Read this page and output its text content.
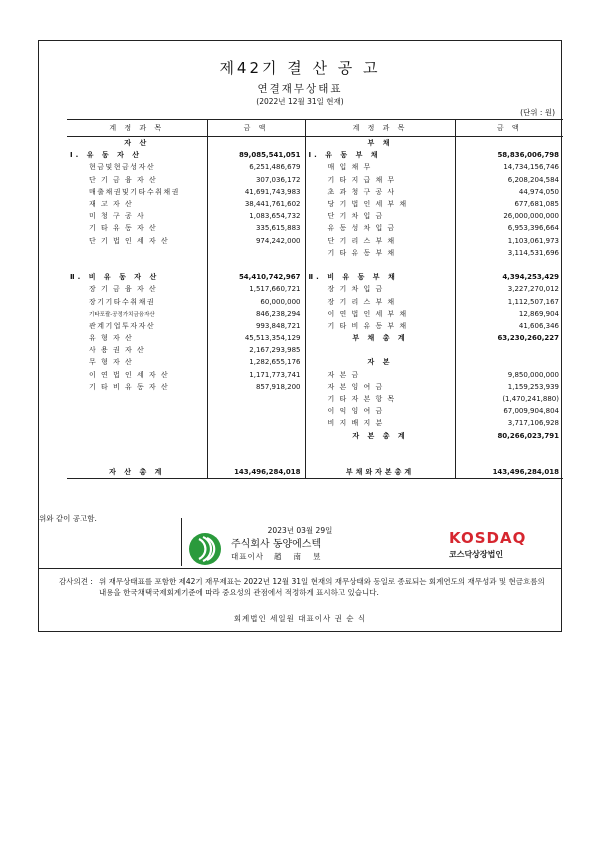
제42기 결 산 공 고
연결재무상태표
(2022년 12월 31일 현재)
(단위 : 원)
계 정 과 목	금 액	계 정 과 목	금 액
자 산		부 채	
Ⅰ. 유 동 자 산	89,085,541,051	Ⅰ. 유 동 부 채	58,836,006,798
현금및현금성자산	6,251,486,679	매 입 채 무	14,734,156,746
단 기 금 융 자 산	307,036,172	기 타 지 급 채 무	6,208,204,584
매출채권및기타수취채권	41,691,743,983	초 과 청 구 공 사	44,974,050
재 고 자 산	38,441,761,602	당 기 법 인 세 부 채	677,681,085
미 청 구 공 사	1,083,654,732	단 기 차 입 금	26,000,000,000
기 타 유 동 자 산	335,615,883	유 동 성 차 입 금	6,953,396,664
단 기 법 인 세 자 산	974,242,000	단 기 리 스 부 채	1,103,061,973
		기 타 유 동 부 채	3,114,531,696

Ⅱ. 비 유 동 자 산	54,410,742,967	Ⅱ. 비 유 동 부 채	4,394,253,429
장 기 금 융 자 산	1,517,660,721	장 기 차 입 금	3,227,270,012
장기기타수취채권	60,000,000	장 기 리 스 부 채	1,112,507,167
기타포괄-공정가치금융자산	846,238,294	이 연 법 인 세 부 채	12,869,904
관계기업투자자산	993,848,721	기 타 비 유 동 부 채	41,606,346
유 형 자 산	45,513,354,129	부 채 총 계	63,230,260,227
사 용 권 자 산	2,167,293,985		
무 형 자 산	1,282,655,176	자 본	
이 연 법 인 세 자 산	1,171,773,741	자 본 금	9,850,000,000
기 타 비 유 동 자 산	857,918,200	자 본 잉 여 금	1,159,253,939
		기 타 자 본 항 목	(1,470,241,880)
		이 익 잉 여 금	67,009,904,804
		비 지 배 지 분	3,717,106,928
		자 본 총 계	80,266,023,791

자 산 총 계	143,496,284,018	부채와자본총계	143,496,284,018
위와 같이 공고함.
2023년 03월 29일
주식회사 동양에스텍
대표이사 趙南昱
KOSDAQ
코스닥상장법인
감사의견 : 위 재무상태표를 포함한 제42기 재무제표는 2022년 12월 31일 현재의 재무상태와 동일로 종료되는 회계연도의 재무성과 및 현금흐름의 내용을 한국채택국제회계기준에 따라 중요성의 관점에서 적정하게 표시하고 있습니다.
회계법인 세일원 대표이사 권 순 식
